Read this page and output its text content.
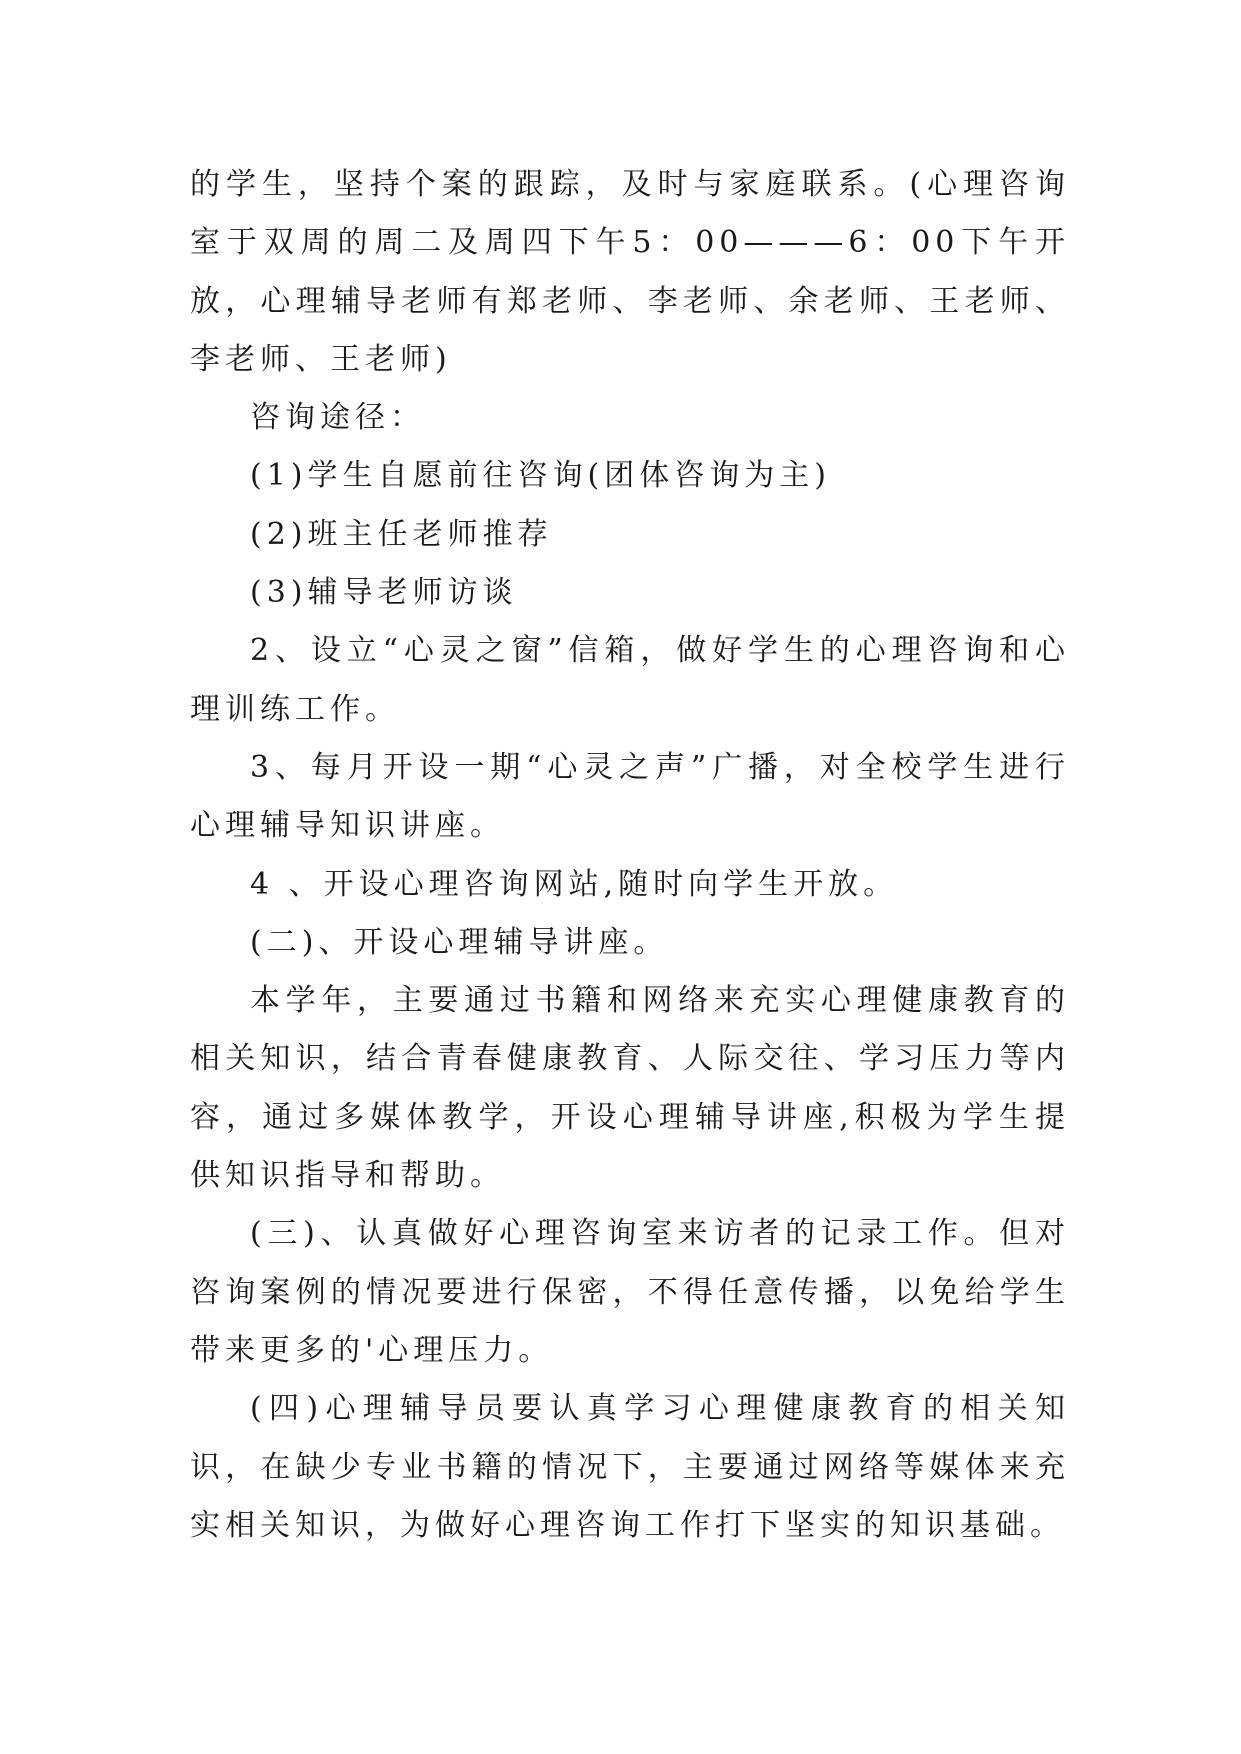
的学生，坚持个案的跟踪，及时与家庭联系。(心理咨询室于双周的周二及周四下午5：00———6：00下午开放，心理辅导老师有郑老师、李老师、余老师、王老师、李老师、王老师)

咨询途径：

(1)学生自愿前往咨询(团体咨询为主)

(2)班主任老师推荐

(3)辅导老师访谈

2、设立“心灵之窗”信箱，做好学生的心理咨询和心理训练工作。

3、每月开设一期“心灵之声”广播，对全校学生进行心理辅导知识讲座。

4 、开设心理咨询网站,随时向学生开放。

(二)、开设心理辅导讲座。

本学年，主要通过书籍和网络来充实心理健康教育的相关知识，结合青春健康教育、人际交往、学习压力等内容，通过多媒体教学，开设心理辅导讲座,积极为学生提供知识指导和帮助。

(三)、认真做好心理咨询室来访者的记录工作。但对咨询案例的情况要进行保密，不得任意传播，以免给学生带来更多的'心理压力。

(四)心理辅导员要认真学习心理健康教育的相关知识，在缺少专业书籍的情况下，主要通过网络等媒体来充实相关知识，为做好心理咨询工作打下坚实的知识基础。
